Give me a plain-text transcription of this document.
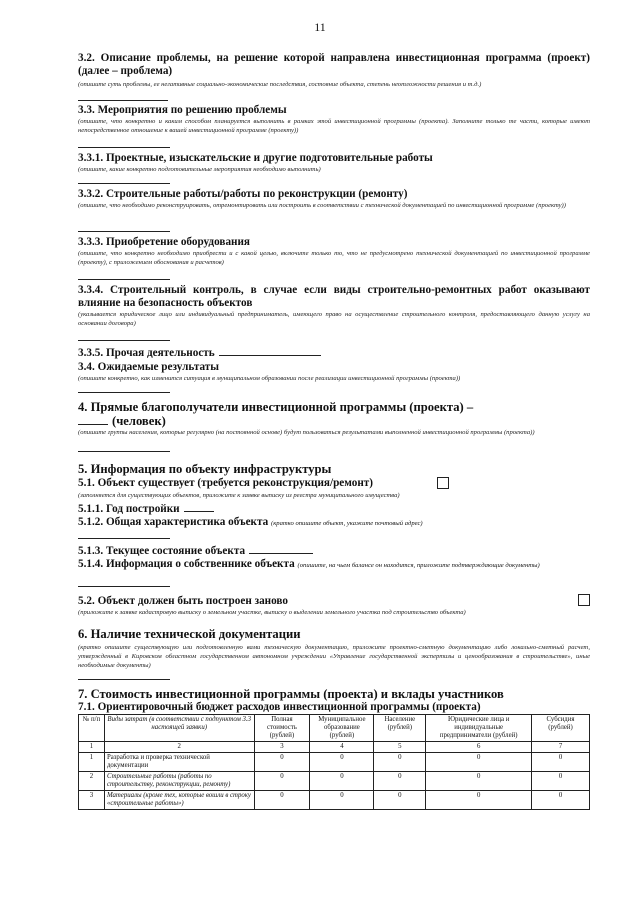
11
3.2. Описание проблемы, на решение которой направлена инвестиционная программа (проект) (далее – проблема)
(опишите суть проблемы, ее негативные социально-экономические последствия, состояние объекта, степень неотложности решения и т.д.)
3.3. Мероприятия по решению проблемы
(опишите, что конкретно и каким способом планируется выполнить в рамках этой инвестиционной программы (проекта). Заполните только те части, которые имеют непосредственное отношение к вашей инвестиционной программе (проекту))
3.3.1. Проектные, изыскательские и другие подготовительные работы
(опишите, какие конкретно подготовительные мероприятия необходимо выполнить)
3.3.2. Строительные работы/работы по реконструкции (ремонту)
(опишите, что необходимо реконструировать, отремонтировать или построить в соответствии с технической документацией по инвестиционной программе (проекту))
3.3.3. Приобретение оборудования
(опишите, что конкретно необходимо приобрести и с какой целью, включите только то, что не предусмотрено технической документацией по инвестиционной программе (проекту), с приложением обоснования и расчетов)
3.3.4. Строительный контроль, в случае если виды строительно-ремонтных работ оказывают влияние на безопасность объектов
(указывается юридическое лицо или индивидуальный предприниматель, имеющего право на осуществление строительного контроля, предоставляющего данную услугу на основании договора)
3.3.5. Прочая деятельность
3.4. Ожидаемые результаты
(опишите конкретно, как изменится ситуация в муниципальном образовании после реализации инвестиционной программы (проекта))
4. Прямые благополучатели инвестиционной программы (проекта) –
(человек)
(опишите группы населения, которые регулярно (на постоянной основе) будут пользоваться результатами выполненной инвестиционной программы (проекта))
5. Информация по объекту инфраструктуры
5.1. Объект существует (требуется реконструкция/ремонт)
(заполняется для существующих объектов, приложите к заявке выписку из реестра муниципального имущества)
5.1.1. Год постройки
5.1.2. Общая характеристика объекта (кратко опишите объект, укажите почтовый адрес)
5.1.3. Текущее состояние объекта
5.1.4. Информация о собственнике объекта (опишите, на чьем балансе он находится, приложите подтверждающие документы)
5.2. Объект должен быть построен заново
(приложите к заявке кадастровую выписку о земельном участке, выписку о выделении земельного участка под строительство объекта)
6. Наличие технической документации
(кратко опишите существующую или подготовленную вами техническую документацию, приложите проектно-сметную документацию либо локально-сметный расчет, утвержденный в Кировском областном государственном автономном учреждении «Управление государственной экспертизы и ценообразования в строительстве», иные необходимые документы)
7. Стоимость инвестиционной программы (проекта) и вклады участников
7.1. Ориентировочный бюджет расходов инвестиционной программы (проекта)
№ п/п	Виды затрат (в соответствии с подпунктом 3.3 настоящей заявки)	Полная стоимость (рублей)	Муниципальное образование (рублей)	Население (рублей)	Юридические лица и индивидуальные предприниматели (рублей)	Субсидия (рублей)
1	2	3	4	5	6	7
1	Разработка и проверка технической документации	0	0	0	0	0
2	Строительные работы (работы по строительству, реконструкции, ремонту)	0	0	0	0	0
3	Материалы (кроме тех, которые вошли в строку «строительные работы»)	0	0	0	0	0
